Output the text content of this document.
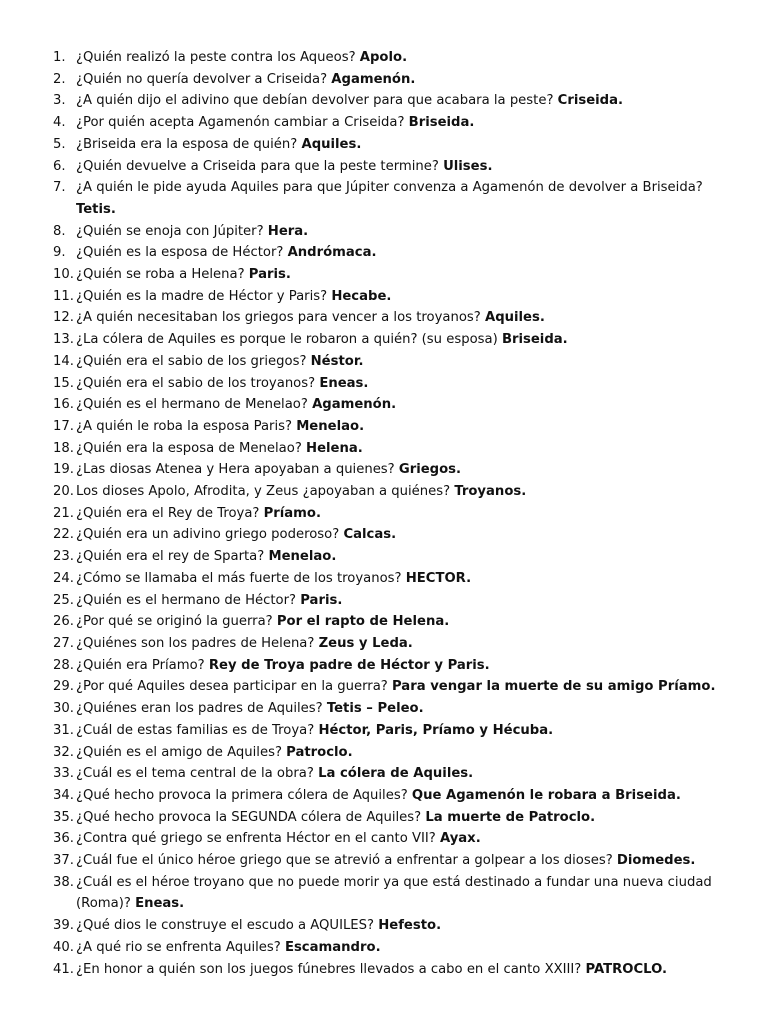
1. ¿Quién realizó la peste contra los Aqueos? Apolo.
2. ¿Quién no quería devolver a Criseida? Agamenón.
3. ¿A quién dijo el adivino que debían devolver para que acabara la peste? Criseida.
4. ¿Por quién acepta Agamenón cambiar a Criseida? Briseida.
5. ¿Briseida era la esposa de quién? Aquiles.
6. ¿Quién devuelve a Criseida para que la peste termine? Ulises.
7. ¿A quién le pide ayuda Aquiles para que Júpiter convenza a Agamenón de devolver a Briseida? Tetis.
8. ¿Quién se enoja con Júpiter? Hera.
9. ¿Quién es la esposa de Héctor? Andrómaca.
10. ¿Quién se roba a Helena? Paris.
11. ¿Quién es la madre de Héctor y Paris? Hecabe.
12. ¿A quién necesitaban los griegos para vencer a los troyanos? Aquiles.
13. ¿La cólera de Aquiles es porque le robaron a quién? (su esposa) Briseida.
14. ¿Quién era el sabio de los griegos? Néstor.
15. ¿Quién era el sabio de los troyanos? Eneas.
16. ¿Quién es el hermano de Menelao? Agamenón.
17. ¿A quién le roba la esposa Paris? Menelao.
18. ¿Quién era la esposa de Menelao? Helena.
19. ¿Las diosas Atenea y Hera apoyaban a quienes? Griegos.
20. Los dioses Apolo, Afrodita, y Zeus ¿apoyaban a quiénes? Troyanos.
21. ¿Quién era el Rey de Troya? Príamo.
22. ¿Quién era un adivino griego poderoso? Calcas.
23. ¿Quién era el rey de Sparta? Menelao.
24. ¿Cómo se llamaba el más fuerte de los troyanos? HECTOR.
25. ¿Quién es el hermano de Héctor? Paris.
26. ¿Por qué se originó la guerra? Por el rapto de Helena.
27. ¿Quiénes son los padres de Helena? Zeus y Leda.
28. ¿Quién era Príamo? Rey de Troya padre de Héctor y Paris.
29. ¿Por qué Aquiles desea participar en la guerra? Para vengar la muerte de su amigo Príamo.
30. ¿Quiénes eran los padres de Aquiles? Tetis – Peleo.
31. ¿Cuál de estas familias es de Troya? Héctor, Paris, Príamo y Hécuba.
32. ¿Quién es el amigo de Aquiles? Patroclo.
33. ¿Cuál es el tema central de la obra? La cólera de Aquiles.
34. ¿Qué hecho provoca la primera cólera de Aquiles? Que Agamenón le robara a Briseida.
35. ¿Qué hecho provoca la SEGUNDA cólera de Aquiles? La muerte de Patroclo.
36. ¿Contra qué griego se enfrenta Héctor en el canto VII? Ayax.
37. ¿Cuál fue el único héroe griego que se atrevió a enfrentar a golpear a los dioses? Diomedes.
38. ¿Cuál es el héroe troyano que no puede morir ya que está destinado a fundar una nueva ciudad (Roma)? Eneas.
39. ¿Qué dios le construye el escudo a AQUILES? Hefesto.
40. ¿A qué rio se enfrenta Aquiles? Escamandro.
41. ¿En honor a quién son los juegos fúnebres llevados a cabo en el canto XXIII? PATROCLO.
